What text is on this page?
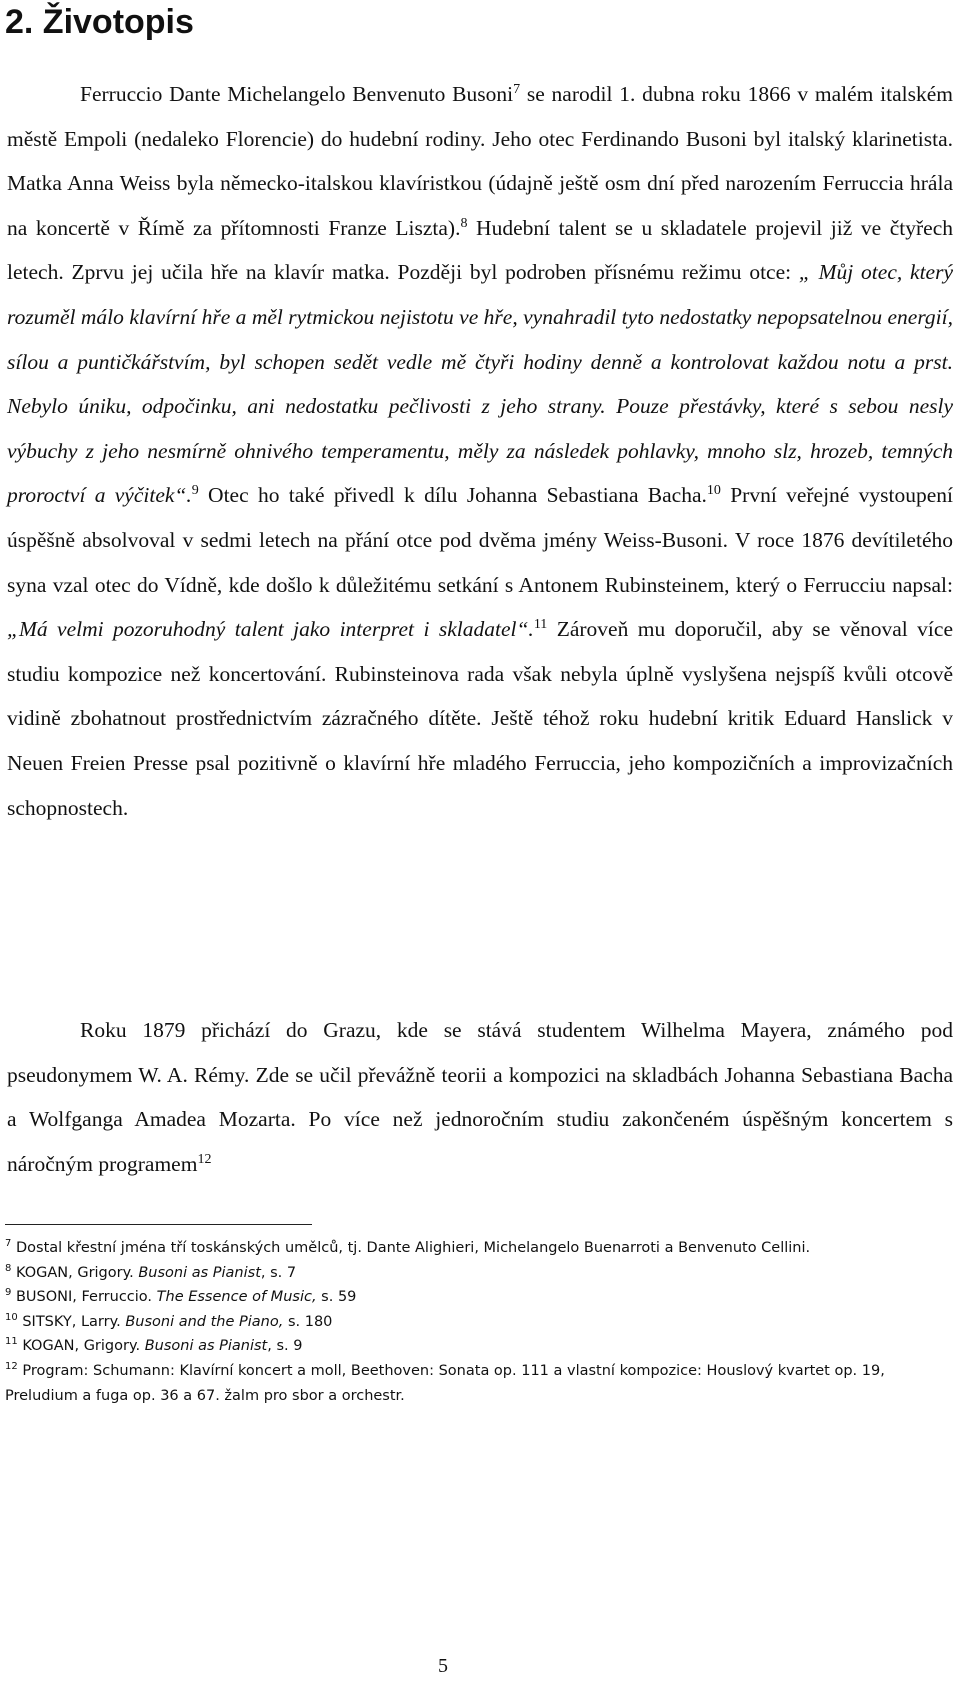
2. Životopis

Ferruccio Dante Michelangelo Benvenuto Busoni$^7$ se narodil 1. dubna roku 1866 v malém italském městě Empoli (nedaleko Florencie) do hudební rodiny. Jeho otec Ferdinando Busoni byl italský klarinetista. Matka Anna Weiss byla německo-italskou klavíristkou (údajně ještě osm dní před narozením Ferruccia hrála na koncertě v Římě za přítomnosti Franze Liszta).$^8$ Hudební talent se u skladatele projevil již ve čtyřech letech. Zprvu jej učila hře na klavír matka. Později byl podroben přísnému režimu otce: „ Můj otec, který rozuměl málo klavírní hře a měl rytmickou nejistotu ve hře, vynahradil tyto nedostatky nepopsatelnou energií, sílou a puntičkářstvím, byl schopen sedět vedle mě čtyři hodiny denně a kontrolovat každou notu a prst. Nebylo úniku, odpočinku, ani nedostatku pečlivosti z jeho strany. Pouze přestávky, které s sebou nesly výbuchy z jeho nesmírně ohnivého temperamentu, měly za následek pohlavky, mnoho slz, hrozeb, temných proroctví a výčitek“.$^9$ Otec ho také přivedl k dílu Johanna Sebastiana Bacha.$^{10}$ První veřejné vystoupení úspěšně absolvoval v sedmi letech na přání otce pod dvěma jmény Weiss-Busoni. V roce 1876 devítiletého syna vzal otec do Vídně, kde došlo k důležitému setkání s Antonem Rubinsteinem, který o Ferrucciu napsal: „Má velmi pozoruhodný talent jako interpret i skladatel“.$^{11}$ Zároveň mu doporučil, aby se věnoval více studiu kompozice než koncertování. Rubinsteinova rada však nebyla úplně vyslyšena nejspíš kvůli otcově vidině zbohatnout prostřednictvím zázračného dítěte. Ještě téhož roku hudební kritik Eduard Hanslick v Neuen Freien Presse psal pozitivně o klavírní hře mladého Ferruccia, jeho kompozičních a improvizačních schopnostech.

Roku 1879 přichází do Grazu, kde se stává studentem Wilhelma Mayera, známého pod pseudonymem W. A. Rémy. Zde se učil převážně teorii a kompozici na skladbách Johanna Sebastiana Bacha a Wolfganga Amadea Mozarta. Po více než jednoročním studiu zakončeném úspěšným koncertem s náročným programem$^{12}$

$^7$ Dostal křestní jména tří toskánských umělců, tj. Dante Alighieri, Michelangelo Buenarroti a Benvenuto Cellini.

$^8$ KOGAN, Grigory. Busoni as Pianist, s. 7

$^9$ BUSONI, Ferruccio. The Essence of Music, s. 59

$^{10}$ SITSKY, Larry. Busoni and the Piano, s. 180

$^{11}$ KOGAN, Grigory. Busoni as Pianist, s. 9

$^{12}$ Program: Schumann: Klavírní koncert a moll, Beethoven: Sonata op. 111 a vlastní kompozice: Houslový kvartet op. 19, Preludium a fuga op. 36 a 67. žalm pro sbor a orchestr.

5
